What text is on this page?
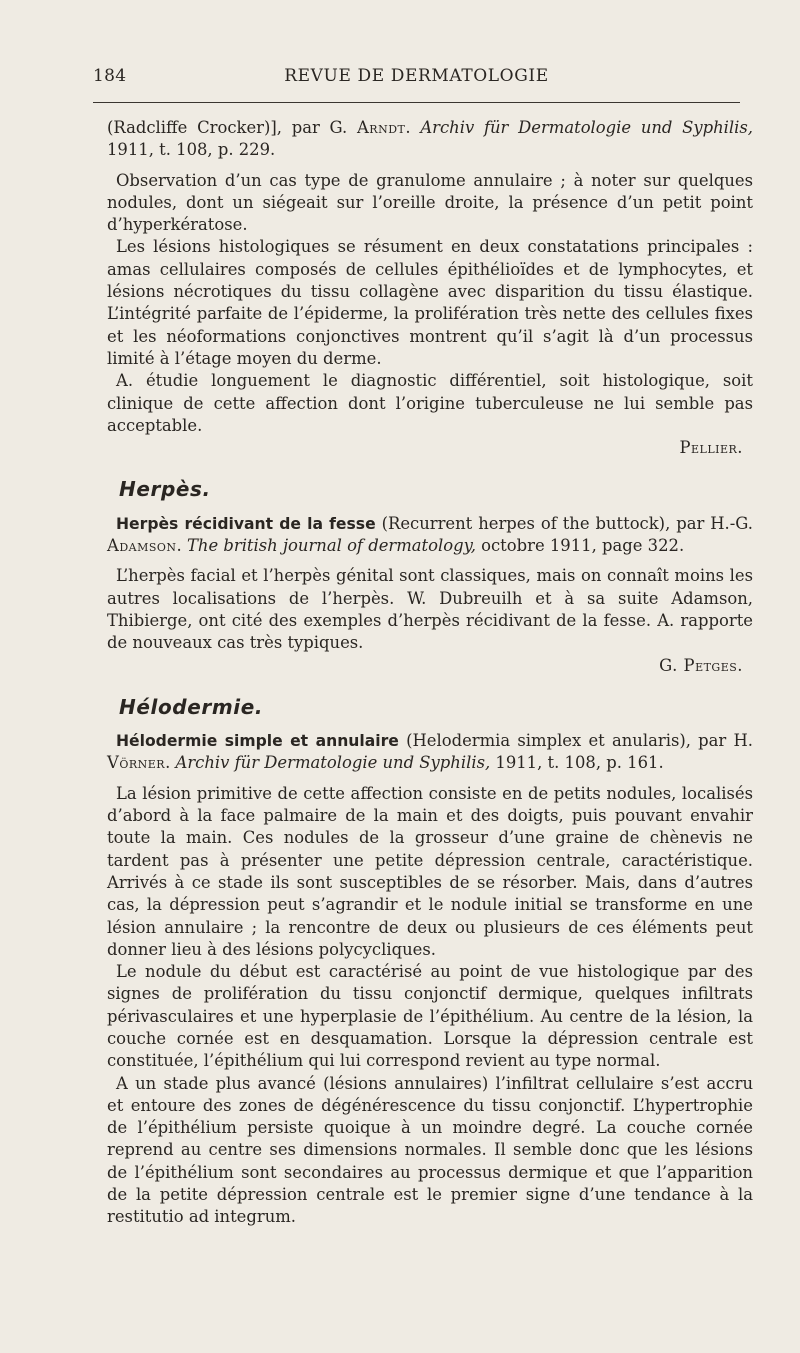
184	REVUE DE DERMATOLOGIE

(Radcliffe Crocker)], par G. Arndt. Archiv für Dermatologie und Syphilis, 1911, t. 108, p. 229.

Observation d’un cas type de granulome annulaire ; à noter sur quelques nodules, dont un siégeait sur l’oreille droite, la présence d’un petit point d’hyperkératose.

Les lésions histologiques se résument en deux constatations principales : amas cellulaires composés de cellules épithélioïdes et de lymphocytes, et lésions nécrotiques du tissu collagène avec disparition du tissu élastique. L’intégrité parfaite de l’épiderme, la prolifération très nette des cellules fixes et les néoformations conjonctives montrent qu’il s’agit là d’un processus limité à l’étage moyen du derme.

A. étudie longuement le diagnostic différentiel, soit histologique, soit clinique de cette affection dont l’origine tuberculeuse ne lui semble pas acceptable.

Pellier.
Herpès.

Herpès récidivant de la fesse (Recurrent herpes of the buttock), par H.-G. Adamson. The british journal of dermatology, octobre 1911, page 322.

L’herpès facial et l’herpès génital sont classiques, mais on connaît moins les autres localisations de l’herpès. W. Dubreuilh et à sa suite Adamson, Thibierge, ont cité des exemples d’herpès récidivant de la fesse. A. rapporte de nouveaux cas très typiques.

G. Petges.
Hélodermie.

Hélodermie simple et annulaire (Helodermia simplex et anularis), par H. Vörner. Archiv für Dermatologie und Syphilis, 1911, t. 108, p. 161.

La lésion primitive de cette affection consiste en de petits nodules, localisés d’abord à la face palmaire de la main et des doigts, puis pouvant envahir toute la main. Ces nodules de la grosseur d’une graine de chènevis ne tardent pas à présenter une petite dépression centrale, caractéristique. Arrivés à ce stade ils sont susceptibles de se résorber. Mais, dans d’autres cas, la dépression peut s’agrandir et le nodule initial se transforme en une lésion annulaire ; la rencontre de deux ou plusieurs de ces éléments peut donner lieu à des lésions polycycliques.

Le nodule du début est caractérisé au point de vue histologique par des signes de prolifération du tissu conjonctif dermique, quelques infiltrats périvasculaires et une hyperplasie de l’épithélium. Au centre de la lésion, la couche cornée est en desquamation. Lorsque la dépression centrale est constituée, l’épithélium qui lui correspond revient au type normal.

A un stade plus avancé (lésions annulaires) l’infiltrat cellulaire s’est accru et entoure des zones de dégénérescence du tissu conjonctif. L’hypertrophie de l’épithélium persiste quoique à un moindre degré. La couche cornée reprend au centre ses dimensions normales. Il semble donc que les lésions de l’épithélium sont secondaires au processus dermique et que l’apparition de la petite dépression centrale est le premier signe d’une tendance à la restitutio ad integrum.
